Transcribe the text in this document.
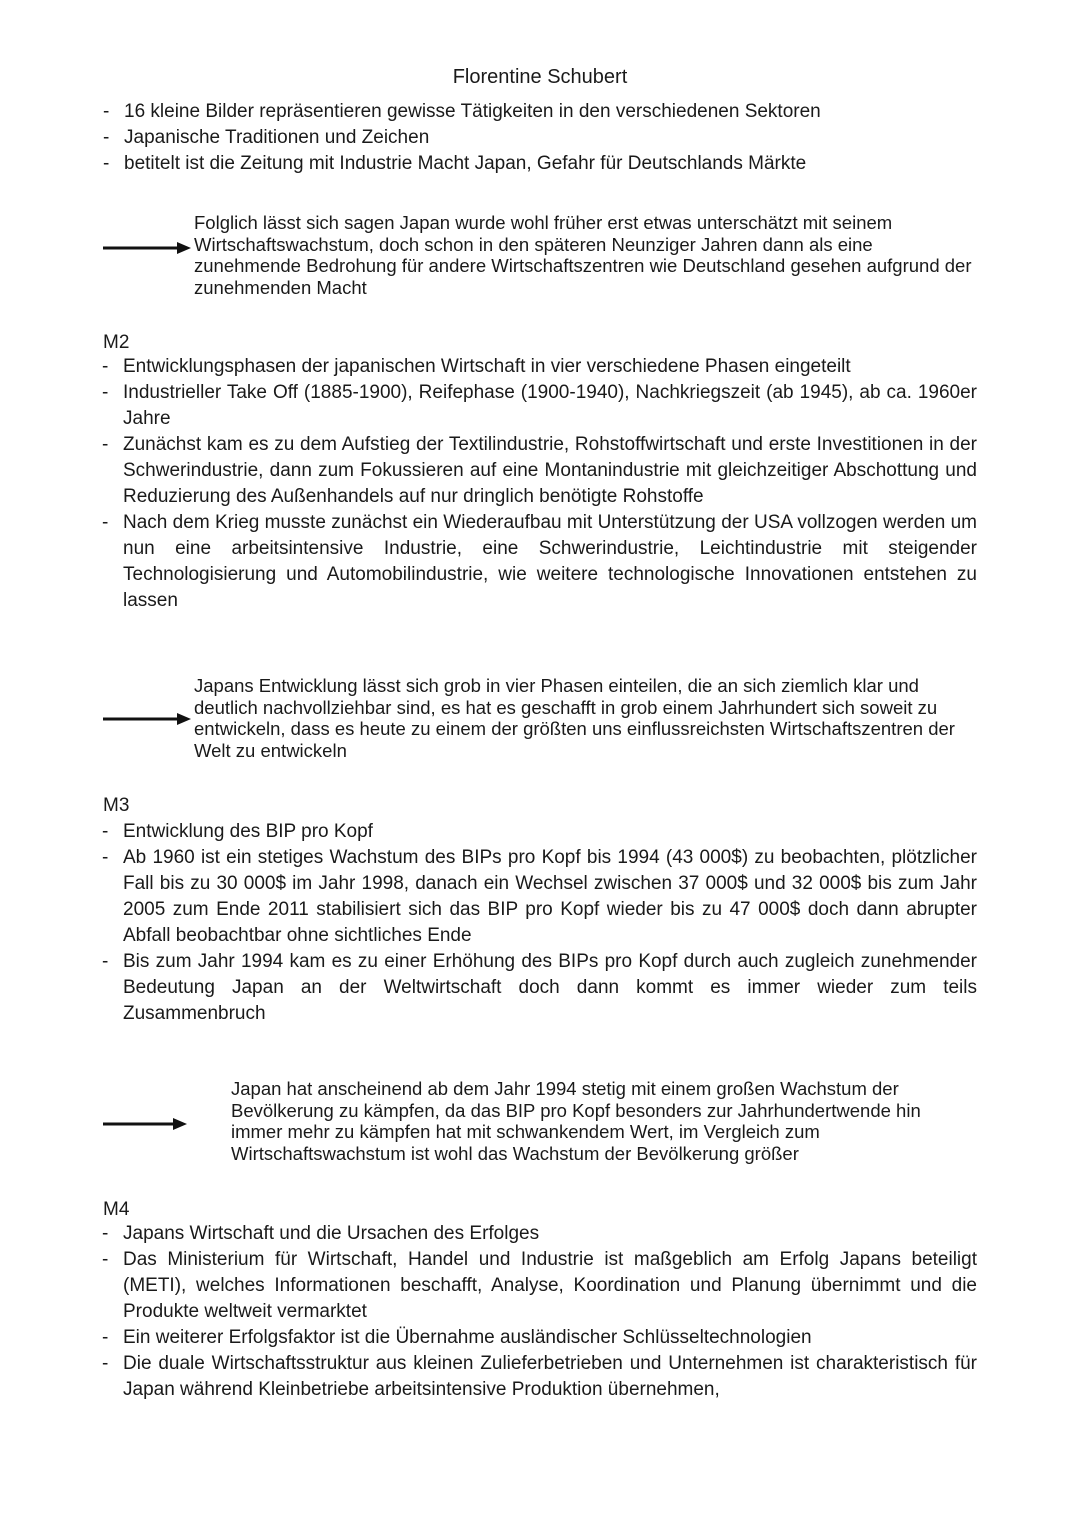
Florentine Schubert
- 16 kleine Bilder repräsentieren gewisse Tätigkeiten in den verschiedenen Sektoren
- Japanische Traditionen und Zeichen
- betitelt ist die Zeitung mit Industrie Macht Japan, Gefahr für Deutschlands Märkte

Folglich lässt sich sagen Japan wurde wohl früher erst etwas unterschätzt mit seinem Wirtschaftswachstum, doch schon in den späteren Neunziger Jahren dann als eine zunehmende Bedrohung für andere Wirtschaftszentren wie Deutschland gesehen aufgrund der zunehmenden Macht

M2
- Entwicklungsphasen der japanischen Wirtschaft in vier verschiedene Phasen eingeteilt
- Industrieller Take Off (1885-1900), Reifephase (1900-1940), Nachkriegszeit (ab 1945), ab ca. 1960er Jahre
- Zunächst kam es zu dem Aufstieg der Textilindustrie, Rohstoffwirtschaft und erste Investitionen in der Schwerindustrie, dann zum Fokussieren auf eine Montanindustrie mit gleichzeitiger Abschottung und Reduzierung des Außenhandels auf nur dringlich benötigte Rohstoffe
- Nach dem Krieg musste zunächst ein Wiederaufbau mit Unterstützung der USA vollzogen werden um nun eine arbeitsintensive Industrie, eine Schwerindustrie, Leichtindustrie mit steigender Technologisierung und Automobilindustrie, wie weitere technologische Innovationen entstehen zu lassen

Japans Entwicklung lässt sich grob in vier Phasen einteilen, die an sich ziemlich klar und deutlich nachvollziehbar sind, es hat es geschafft in grob einem Jahrhundert sich soweit zu entwickeln, dass es heute zu einem der größten uns einflussreichsten Wirtschaftszentren der Welt zu entwickeln

M3
- Entwicklung des BIP pro Kopf
- Ab 1960 ist ein stetiges Wachstum des BIPs pro Kopf bis 1994 (43 000$) zu beobachten, plötzlicher Fall bis zu 30 000$ im Jahr 1998, danach ein Wechsel zwischen 37 000$ und 32 000$ bis zum Jahr 2005 zum Ende 2011 stabilisiert sich das BIP pro Kopf wieder bis zu 47 000$ doch dann abrupter Abfall beobachtbar ohne sichtliches Ende
- Bis zum Jahr 1994 kam es zu einer Erhöhung des BIPs pro Kopf durch auch zugleich zunehmender Bedeutung Japan an der Weltwirtschaft doch dann kommt es immer wieder zum teils Zusammenbruch

Japan hat anscheinend ab dem Jahr 1994 stetig mit einem großen Wachstum der Bevölkerung zu kämpfen, da das BIP pro Kopf besonders zur Jahrhundertwende hin immer mehr zu kämpfen hat mit schwankendem Wert, im Vergleich zum Wirtschaftswachstum ist wohl das Wachstum der Bevölkerung größer

M4
- Japans Wirtschaft und die Ursachen des Erfolges
- Das Ministerium für Wirtschaft, Handel und Industrie ist maßgeblich am Erfolg Japans beteiligt (METI), welches Informationen beschafft, Analyse, Koordination und Planung übernimmt und die Produkte weltweit vermarktet
- Ein weiterer Erfolgsfaktor ist die Übernahme ausländischer Schlüsseltechnologien
- Die duale Wirtschaftsstruktur aus kleinen Zulieferbetrieben und Unternehmen ist charakteristisch für Japan während Kleinbetriebe arbeitsintensive Produktion übernehmen,
